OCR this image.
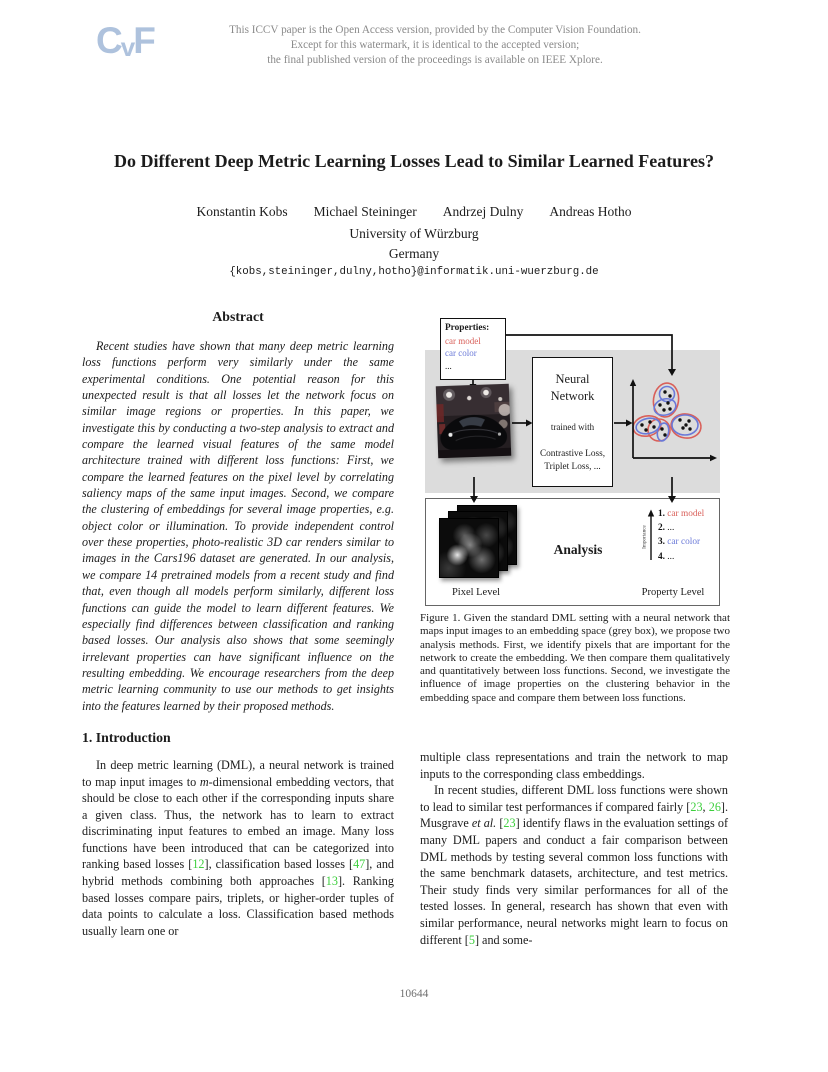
CvF	This ICCV paper is the Open Access version, provided by the Computer Vision Foundation.
Except for this watermark, it is identical to the accepted version;
the final published version of the proceedings is available on IEEE Xplore.
Do Different Deep Metric Learning Losses Lead to Similar Learned Features?
Konstantin Kobs Michael Steininger Andrzej Dulny Andreas Hotho
University of Würzburg
Germany
{kobs,steininger,dulny,hotho}@informatik.uni-wuerzburg.de
Abstract

Recent studies have shown that many deep metric learning loss functions perform very similarly under the same experimental conditions. One potential reason for this unexpected result is that all losses let the network focus on similar image regions or properties. In this paper, we investigate this by conducting a two-step analysis to extract and compare the learned visual features of the same model architecture trained with different loss functions: First, we compare the learned features on the pixel level by correlating saliency maps of the same input images. Second, we compare the clustering of embeddings for several image properties, e.g. object color or illumination. To provide independent control over these properties, photo-realistic 3D car renders similar to images in the Cars196 dataset are generated. In our analysis, we compare 14 pretrained models from a recent study and find that, even though all models perform similarly, different loss functions can guide the model to learn different features. We especially find differences between classification and ranking based losses. Our analysis also shows that some seemingly irrelevant properties can have significant influence on the resulting embedding. We encourage researchers from the deep metric learning community to use our methods to get insights into the features learned by their proposed methods.

1. Introduction

In deep metric learning (DML), a neural network is trained to map input images to m-dimensional embedding vectors, that should be close to each other if the corresponding inputs share a given class. Thus, the network has to learn to extract discriminating input features to embed an image. Many loss functions have been introduced that can be categorized into ranking based losses [12], classification based losses [47], and hybrid methods combining both approaches [13]. Ranking based losses compare pairs, triplets, or higher-order tuples of data points to calculate a loss. Classification based methods usually learn one or

Pixel Level
Analysis
Importance
1. car model
2. ...
3. car color
4. ...
Property Level
Properties:
car model
car color
...
Neural
Network
trained with
Contrastive Loss,
Triplet Loss, ...
Figure 1. Given the standard DML setting with a neural network that maps input images to an embedding space (grey box), we propose two analysis methods. First, we identify pixels that are important for the network to create the embedding. We then compare them qualitatively and quantitatively between loss functions. Second, we investigate the influence of image properties on the clustering behavior in the embedding space and compare them between loss functions.

multiple class representations and train the network to map inputs to the corresponding class embeddings.

In recent studies, different DML loss functions were shown to lead to similar test performances if compared fairly [23, 26]. Musgrave et al. [23] identify flaws in the evaluation settings of many DML papers and conduct a fair comparison between DML methods by testing several common loss functions with the same benchmark datasets, architecture, and test metrics. Their study finds very similar performances for all of the tested losses. In general, research has shown that even with similar performance, neural networks might learn to focus on different [5] and some-

10644
